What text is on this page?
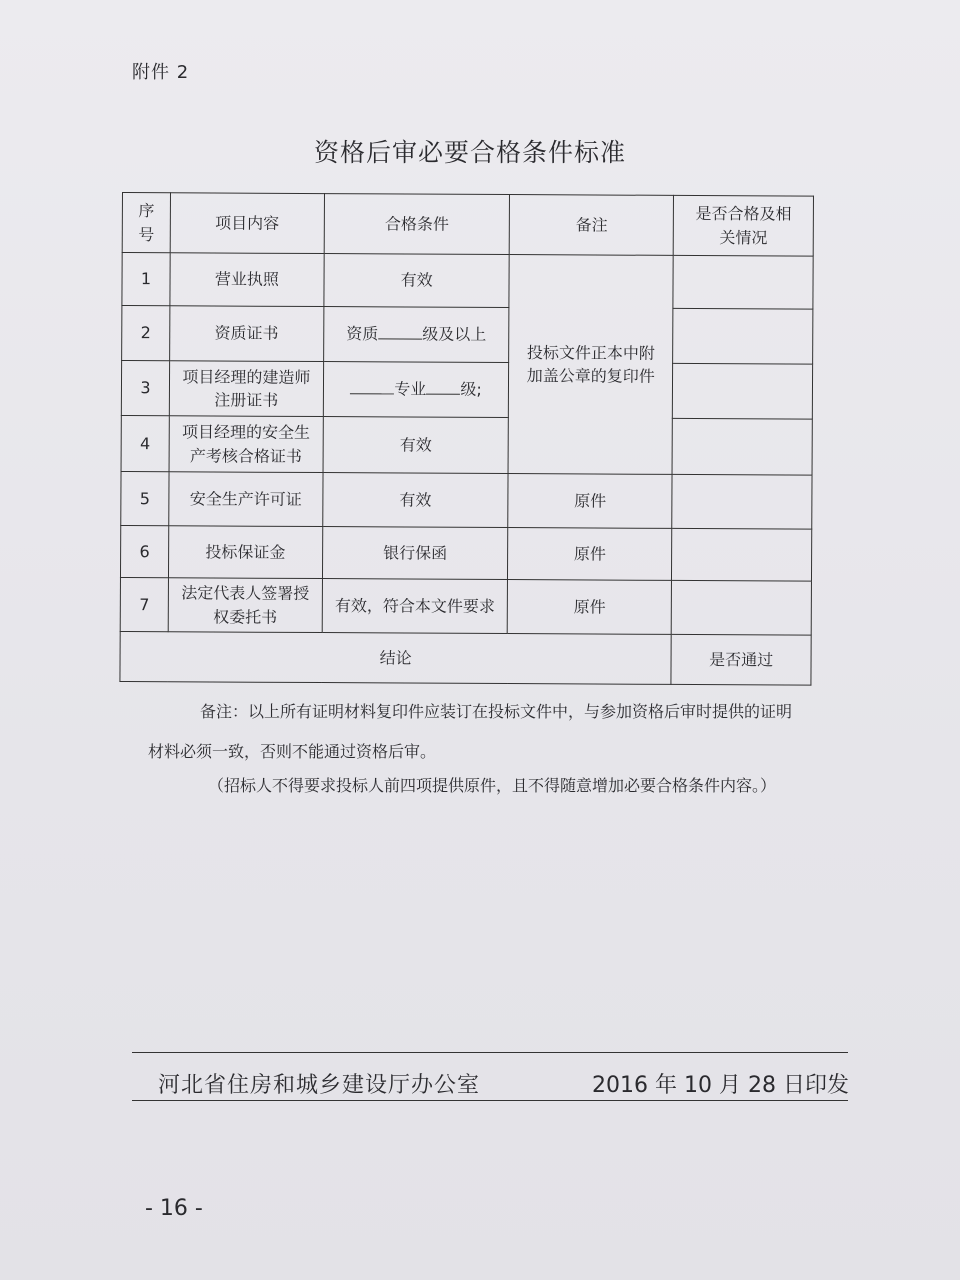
附件 2
资格后审必要合格条件标准
序号	项目内容	合格条件	备注	是否合格及相关情况
1	营业执照	有效	投标文件正本中附加盖公章的复印件	
2	资质证书	资质 级及以上		
3	项目经理的建造师注册证书	专业 级;		
4	项目经理的安全生产考核合格证书	有效		
5	安全生产许可证	有效	原件	
6	投标保证金	银行保函	原件	
7	法定代表人签署授权委托书	有效，符合本文件要求	原件	
结论				是否通过
备注：以上所有证明材料复印件应装订在投标文件中，与参加资格后审时提供的证明
材料必须一致，否则不能通过资格后审。
（招标人不得要求投标人前四项提供原件，且不得随意增加必要合格条件内容。）
河北省住房和城乡建设厅办公室	2016 年 10 月 28 日印发
- 16 -
